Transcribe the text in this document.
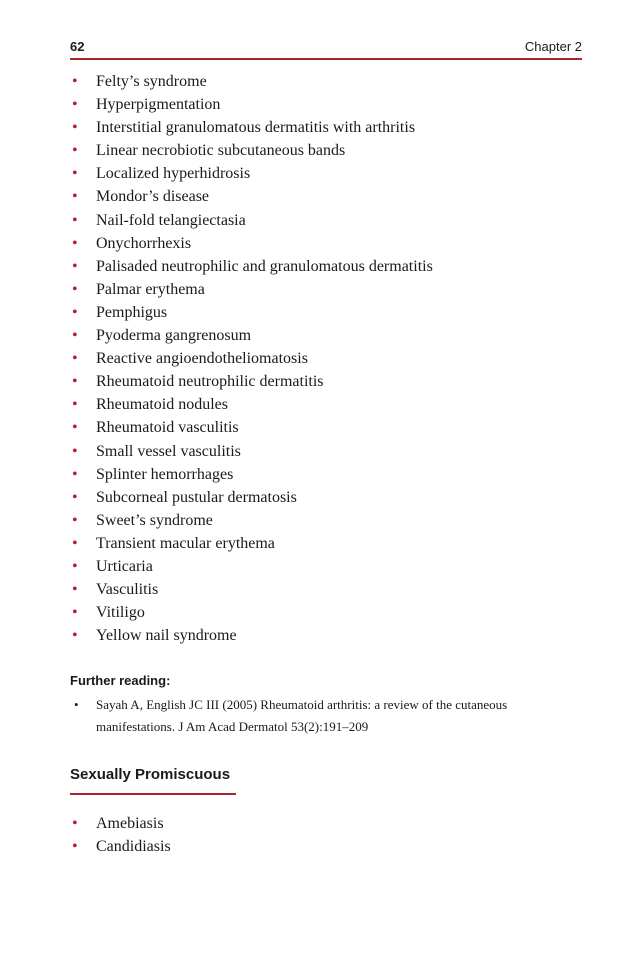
62	Chapter 2
• Felty’s syndrome
• Hyperpigmentation
• Interstitial granulomatous dermatitis with arthritis
• Linear necrobiotic subcutaneous bands
• Localized hyperhidrosis
• Mondor’s disease
• Nail-fold telangiectasia
• Onychorrhexis
• Palisaded neutrophilic and granulomatous dermatitis
• Palmar erythema
• Pemphigus
• Pyoderma gangrenosum
• Reactive angioendotheliomatosis
• Rheumatoid neutrophilic dermatitis
• Rheumatoid nodules
• Rheumatoid vasculitis
• Small vessel vasculitis
• Splinter hemorrhages
• Subcorneal pustular dermatosis
• Sweet’s syndrome
• Transient macular erythema
• Urticaria
• Vasculitis
• Vitiligo
• Yellow nail syndrome
Further reading:
• Sayah A, English JC III (2005) Rheumatoid arthritis: a review of the cutaneous manifestations. J Am Acad Dermatol 53(2):191–209
Sexually Promiscuous
• Amebiasis
• Candidiasis
